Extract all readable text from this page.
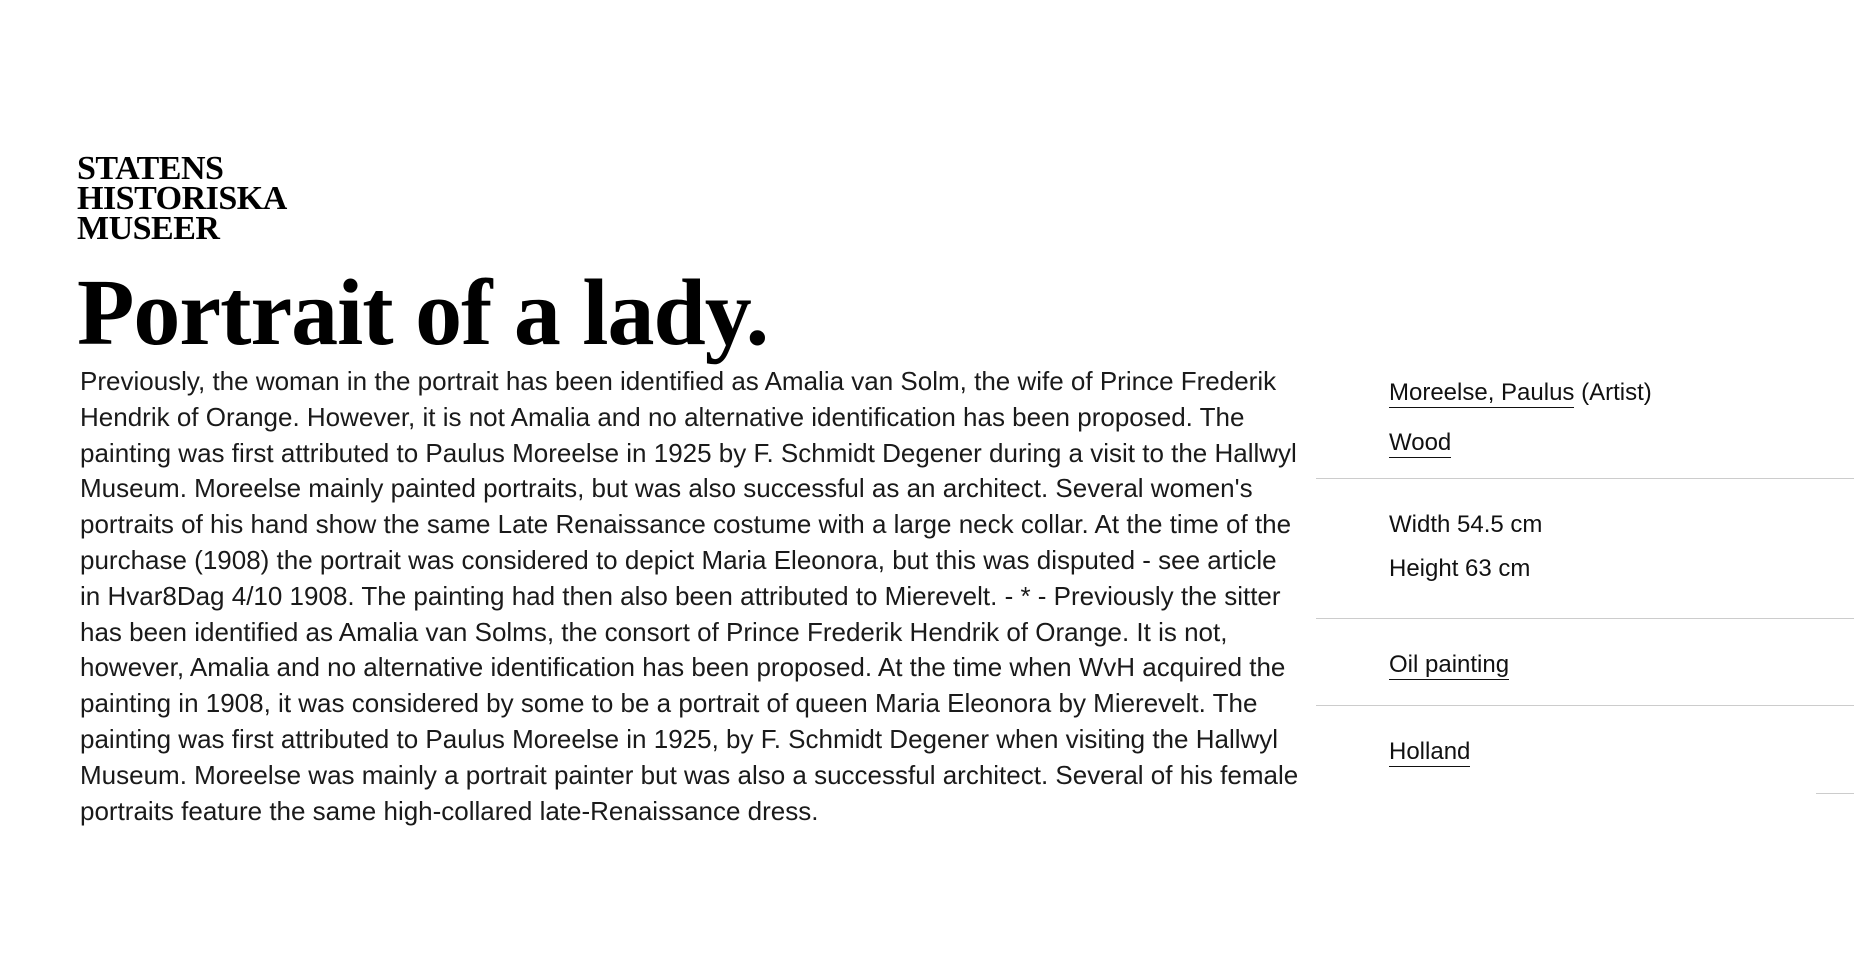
STATENS
HISTORISKA
MUSEER
Portrait of a lady.

Previously, the woman in the portrait has been identified as Amalia van Solm, the wife of Prince Frederik Hendrik of Orange. However, it is not Amalia and no alternative identification has been proposed. The painting was first attributed to Paulus Moreelse in 1925 by F. Schmidt Degener during a visit to the Hallwyl Museum. Moreelse mainly painted portraits, but was also successful as an architect. Several women's portraits of his hand show the same Late Renaissance costume with a large neck collar. At the time of the purchase (1908) the portrait was considered to depict Maria Eleonora, but this was disputed - see article in Hvar8Dag 4/10 1908. The painting had then also been attributed to Mierevelt. - * - Previously the sitter has been identified as Amalia van Solms, the consort of Prince Frederik Hendrik of Orange. It is not, however, Amalia and no alternative identification has been proposed. At the time when WvH acquired the painting in 1908, it was considered by some to be a portrait of queen Maria Eleonora by Mierevelt. The painting was first attributed to Paulus Moreelse in 1925, by F. Schmidt Degener when visiting the Hallwyl Museum. Moreelse was mainly a portrait painter but was also a successful architect. Several of his female portraits feature the same high-collared late-Renaissance dress.

Moreelse, Paulus (Artist)
Wood
Width 54.5 cm
Height 63 cm
Oil painting
Holland
